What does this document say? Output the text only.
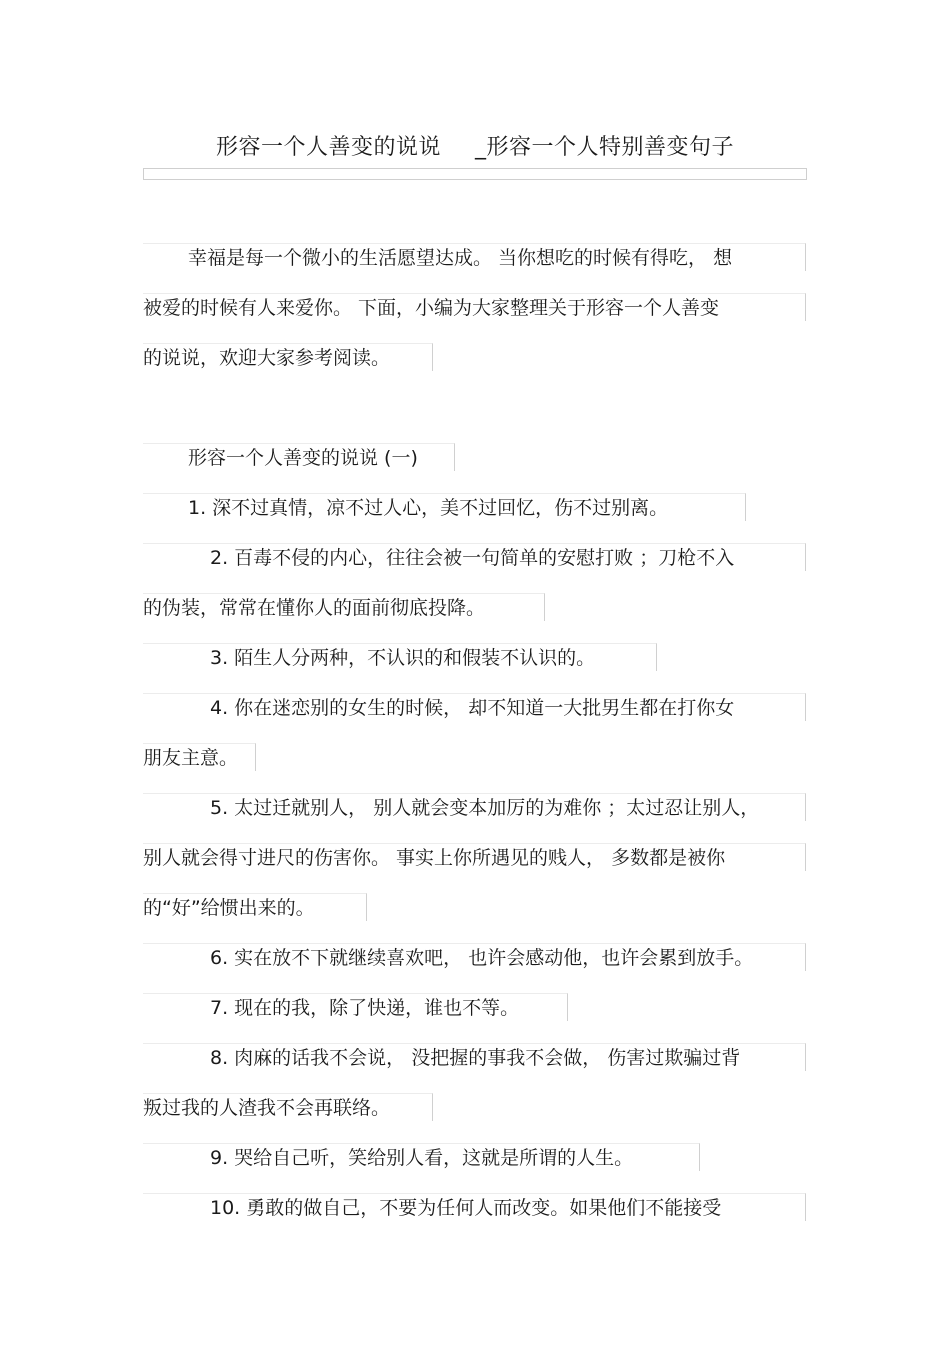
形容一个人善变的说说 _形容一个人特别善变句子
幸福是每一个微小的生活愿望达成。 当你想吃的时候有得吃， 想
被爱的时候有人来爱你。 下面，小编为大家整理关于形容一个人善变
的说说，欢迎大家参考阅读。
形容一个人善变的说说 (一)
1. 深不过真情，凉不过人心，美不过回忆，伤不过别离。
2. 百毒不侵的内心，往往会被一句简单的安慰打败 ；刀枪不入
的伪装，常常在懂你人的面前彻底投降。
3. 陌生人分两种，不认识的和假装不认识的。
4. 你在迷恋别的女生的时候， 却不知道一大批男生都在打你女
朋友主意。
5. 太过迁就别人， 别人就会变本加厉的为难你 ；太过忍让别人，
别人就会得寸进尺的伤害你。 事实上你所遇见的贱人， 多数都是被你
的“好”给惯出来的。
6. 实在放不下就继续喜欢吧， 也许会感动他，也许会累到放手。
7. 现在的我，除了快递，谁也不等。
8. 肉麻的话我不会说， 没把握的事我不会做， 伤害过欺骗过背
叛过我的人渣我不会再联络。
9. 哭给自己听，笑给别人看，这就是所谓的人生。
10. 勇敢的做自己，不要为任何人而改变。如果他们不能接受
